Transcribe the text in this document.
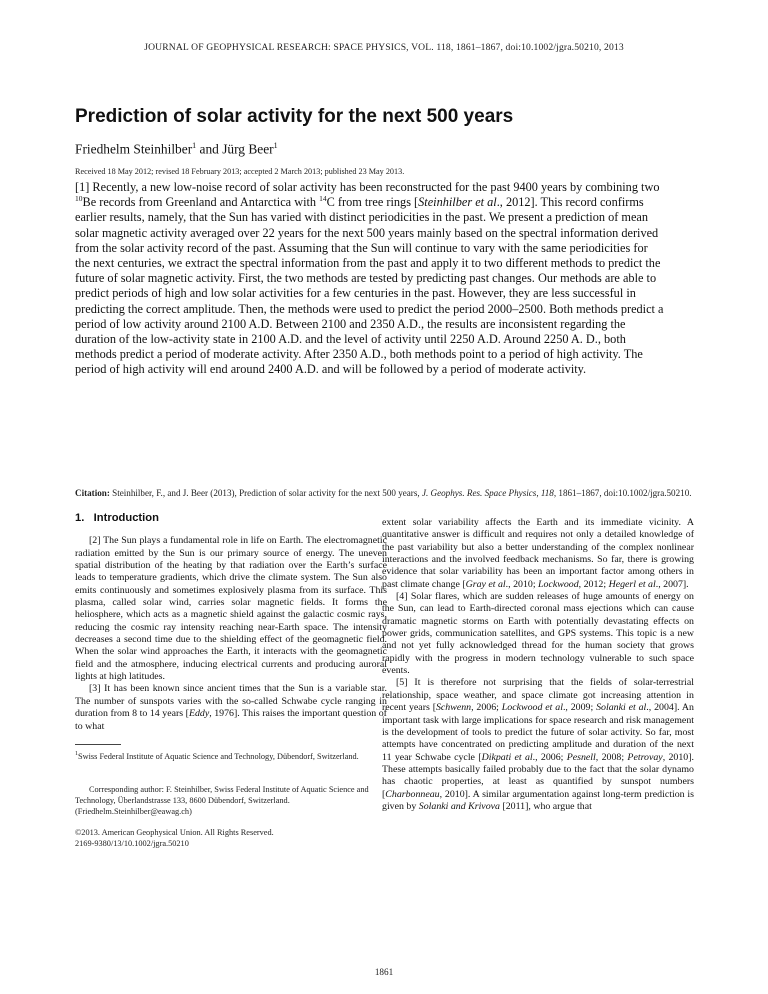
JOURNAL OF GEOPHYSICAL RESEARCH: SPACE PHYSICS, VOL. 118, 1861–1867, doi:10.1002/jgra.50210, 2013
Prediction of solar activity for the next 500 years
Friedhelm Steinhilber$^1$ and Jürg Beer$^1$
Received 18 May 2012; revised 18 February 2013; accepted 2 March 2013; published 23 May 2013.

[1] Recently, a new low-noise record of solar activity has been reconstructed for the past 9400 years by combining two $^{10}$Be records from Greenland and Antarctica with $^{14}$C from tree rings [Steinhilber et al., 2012]. This record confirms earlier results, namely, that the Sun has varied with distinct periodicities in the past. We present a prediction of mean solar magnetic activity averaged over 22 years for the next 500 years mainly based on the spectral information derived from the solar activity record of the past. Assuming that the Sun will continue to vary with the same periodicities for the next centuries, we extract the spectral information from the past and apply it to two different methods to predict the future of solar magnetic activity. First, the two methods are tested by predicting past changes. Our methods are able to predict periods of high and low solar activities for a few centuries in the past. However, they are less successful in predicting the correct amplitude. Then, the methods were used to predict the period 2000–2500. Both methods predict a period of low activity around 2100 A.D. Between 2100 and 2350 A.D., the results are inconsistent regarding the duration of the low-activity state in 2100 A.D. and the level of activity until 2250 A.D. Around 2250 A. D., both methods predict a period of moderate activity. After 2350 A.D., both methods point to a period of high activity. The period of high activity will end around 2400 A.D. and will be followed by a period of moderate activity.

Citation: Steinhilber, F., and J. Beer (2013), Prediction of solar activity for the next 500 years, J. Geophys. Res. Space Physics, 118, 1861–1867, doi:10.1002/jgra.50210.

1. Introduction

[2] The Sun plays a fundamental role in life on Earth. The electromagnetic radiation emitted by the Sun is our primary source of energy. The uneven spatial distribution of the heating by that radiation over the Earth’s surface leads to temperature gradients, which drive the climate system. The Sun also emits continuously and sometimes explosively plasma from its surface. This plasma, called solar wind, carries solar magnetic fields. It forms the heliosphere, which acts as a magnetic shield against the galactic cosmic rays, reducing the cosmic ray intensity reaching near-Earth space. The intensity decreases a second time due to the shielding effect of the geomagnetic field. When the solar wind approaches the Earth, it interacts with the geomagnetic field and the atmosphere, inducing electrical currents and producing auroral lights at high latitudes.

[3] It has been known since ancient times that the Sun is a variable star. The number of sunspots varies with the so-called Schwabe cycle ranging in duration from 8 to 14 years [Eddy, 1976]. This raises the important question of to what

$^1$Swiss Federal Institute of Aquatic Science and Technology, Dübendorf, Switzerland.

Corresponding author: F. Steinhilber, Swiss Federal Institute of Aquatic Science and Technology, Überlandstrasse 133, 8600 Dübendorf, Switzerland. (Friedhelm.Steinhilber@eawag.ch)

©2013. American Geophysical Union. All Rights Reserved.
2169-9380/13/10.1002/jgra.50210

extent solar variability affects the Earth and its immediate vicinity. A quantitative answer is difficult and requires not only a detailed knowledge of the past variability but also a better understanding of the complex nonlinear interactions and the involved feedback mechanisms. So far, there is growing evidence that solar variability has been an important factor among others in past climate change [Gray et al., 2010; Lockwood, 2012; Hegerl et al., 2007].

[4] Solar flares, which are sudden releases of huge amounts of energy on the Sun, can lead to Earth-directed coronal mass ejections which can cause dramatic magnetic storms on Earth with potentially devastating effects on power grids, communication satellites, and GPS systems. This topic is a new and not yet fully acknowledged thread for the human society that grows rapidly with the progress in modern technology vulnerable to such space events.

[5] It is therefore not surprising that the fields of solar-terrestrial relationship, space weather, and space climate got increasing attention in recent years [Schwenn, 2006; Lockwood et al., 2009; Solanki et al., 2004]. An important task with large implications for space research and risk management is the development of tools to predict the future of solar activity. So far, most attempts have concentrated on predicting amplitude and duration of the next 11 year Schwabe cycle [Dikpati et al., 2006; Pesnell, 2008; Petrovay, 2010]. These attempts basically failed probably due to the fact that the solar dynamo has chaotic properties, at least as quantified by sunspot numbers [Charbonneau, 2010]. A similar argumentation against long-term prediction is given by Solanki and Krivova [2011], who argue that

1861
